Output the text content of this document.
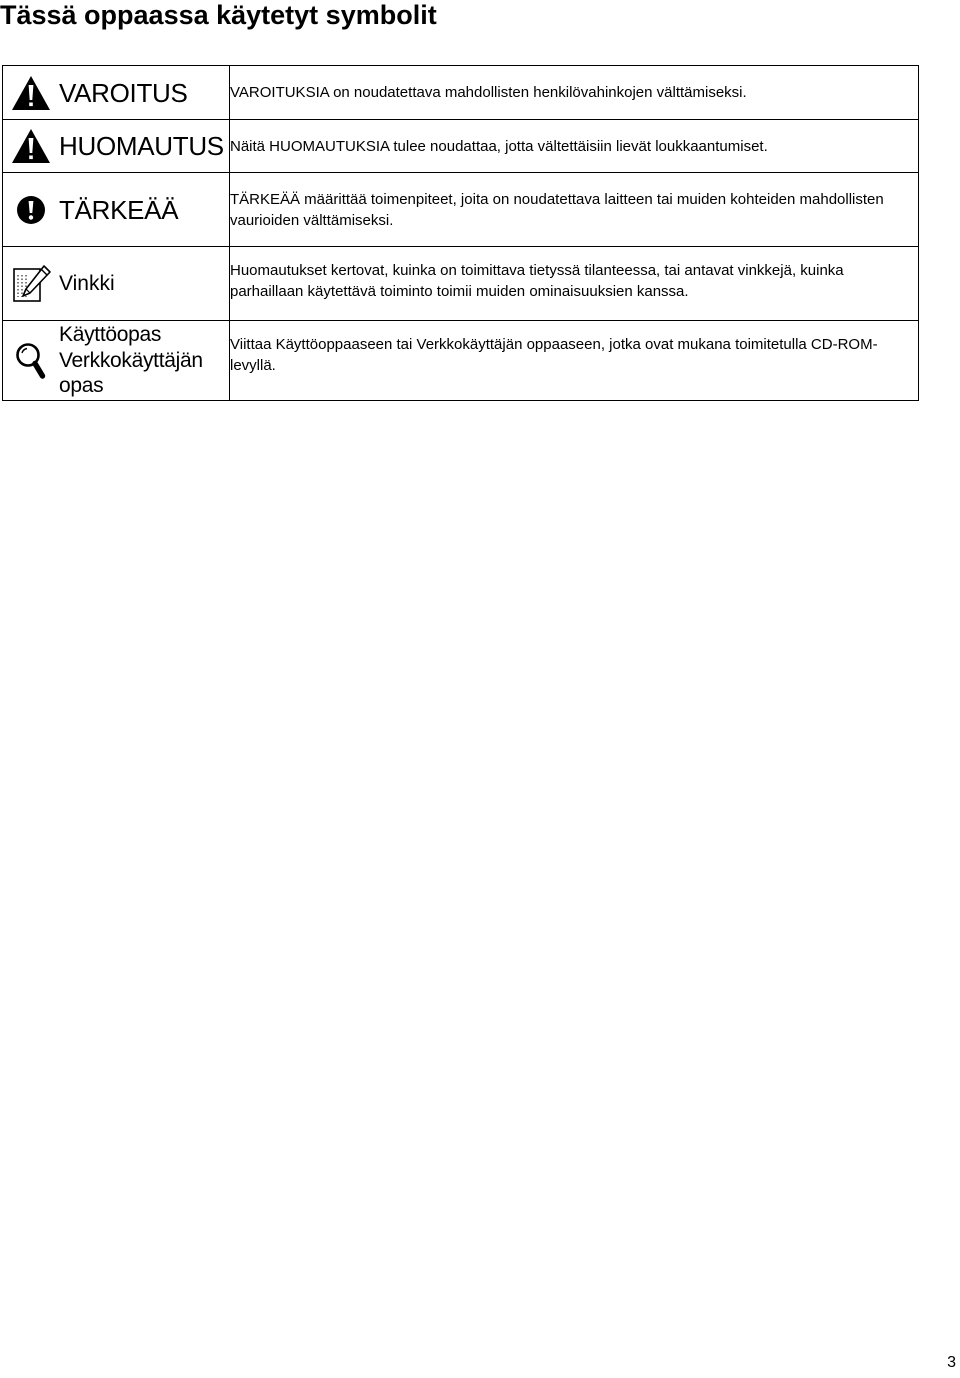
Tässä oppaassa käytetyt symbolit
VAROITUS	VAROITUKSIA on noudatettava mahdollisten henkilövahinkojen välttämiseksi.

HUOMAUTUS	Näitä HUOMAUTUKSIA tulee noudattaa, jotta vältettäisiin lievät loukkaantumiset.

TÄRKEÄÄ	TÄRKEÄÄ määrittää toimenpiteet, joita on noudatettava laitteen tai muiden kohteiden mahdollisten vaurioiden välttämiseksi.

Vinkki	Huomautukset kertovat, kuinka on toimittava tietyssä tilanteessa, tai antavat vinkkejä, kuinka parhaillaan käytettävä toiminto toimii muiden ominaisuuksien kanssa.

Käyttöopas
Verkkokäyttäjän
opas	Viittaa Käyttöoppaaseen tai Verkkokäyttäjän oppaaseen, jotka ovat mukana toimitetulla CD-ROM-levyllä.
3
